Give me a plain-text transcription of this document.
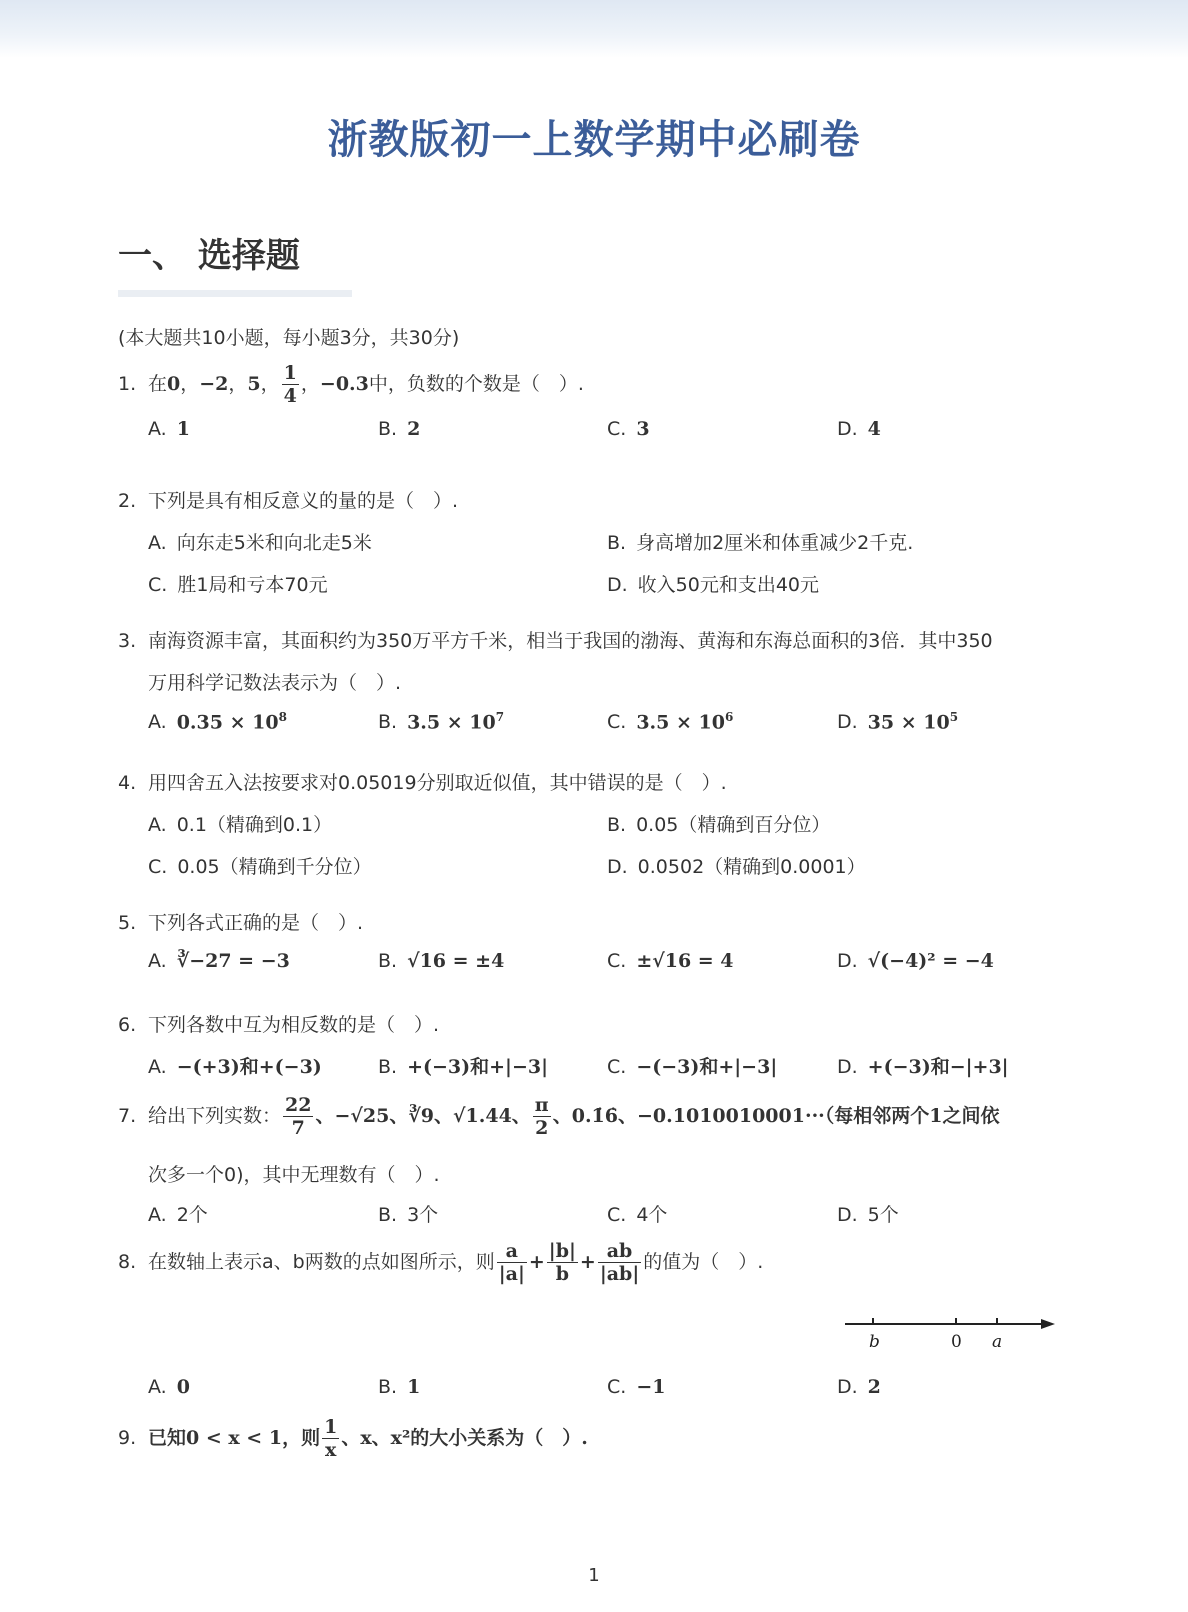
浙教版初一上数学期中必刷卷
一、 选择题
(本大题共10小题，每小题3分，共30分)
1. 在0，−2，5， $\frac{1}{4}$ ，−0.3中，负数的个数是（　）.
A. 1	B. 2	C. 3	D. 4
2. 下列是具有相反意义的量的是（　）.
A. 向东走5米和向北走5米	B. 身高增加2厘米和体重减少2千克.
C. 胜1局和亏本70元	D. 收入50元和支出40元
3. 南海资源丰富，其面积约为350万平方千米，相当于我国的渤海、黄海和东海总面积的3倍．其中350
万用科学记数法表示为（　）.
A. $0.35 \times 10^8$	B. $3.5 \times 10^7$	C. $3.5 \times 10^6$	D. $35 \times 10^5$
4. 用四舍五入法按要求对0.05019分别取近似值，其中错误的是（　）.
A. 0.1（精确到0.1）	B. 0.05（精确到百分位）
C. 0.05（精确到千分位）	D. 0.0502（精确到0.0001）
5. 下列各式正确的是（　）.
A. ∛−27 = −3	B. √16 = ±4	C. ±√16 = 4	D. √(−4)² = −4
6. 下列各数中互为相反数的是（　）.
A. −(+3)和+(−3)	B. +(−3)和+|−3|	C. −(−3)和+|−3|	D. +(−3)和−|+3|
7. 给出下列实数： $\frac{22}{7}$ 、−√25、∛9、√1.44、 $\frac{\pi}{2}$ 、0.1̇6̇、−0.1010010001···（每相邻两个1之间依
次多一个0)，其中无理数有（　）.
A. 2个	B. 3个	C. 4个	D. 5个
8. 在数轴上表示a、b两数的点如图所示，则 $\frac{a}{|a|} + \frac{|b|}{b} + \frac{ab}{|ab|}$ 的值为（　）.
b	0 a
A. 0	B. 1	C. −1	D. 2
9. 已知0 < x < 1，则 $\frac{1}{x}$ 、x、x²的大小关系为（　）.
1
